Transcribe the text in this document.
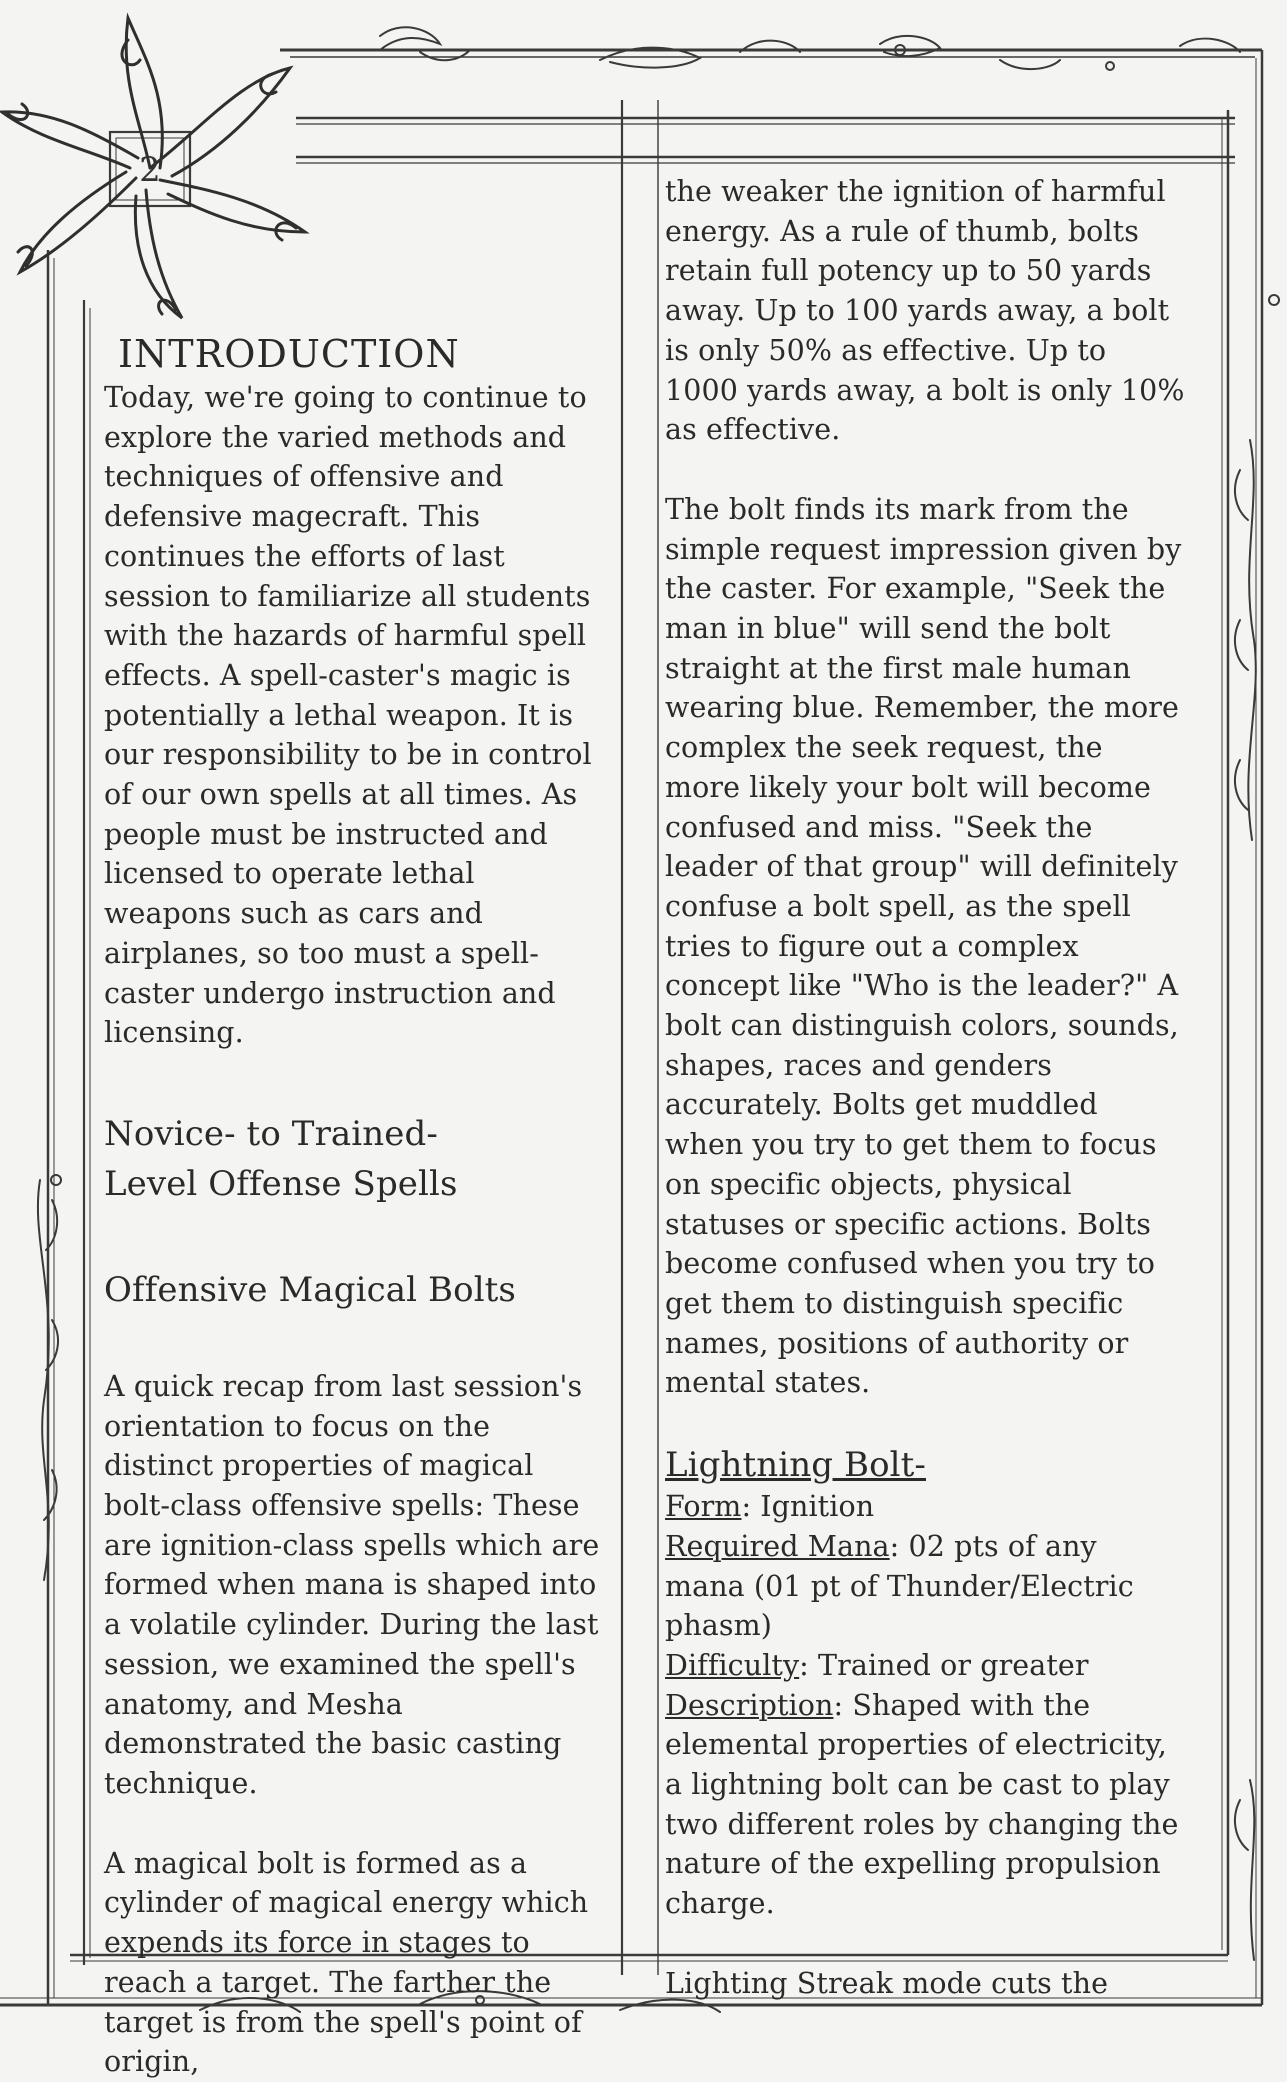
2
INTRODUCTION

Today, we're going to continue to explore the varied methods and techniques of offensive and defensive magecraft. This continues the efforts of last session to familiarize all students with the hazards of harmful spell effects. A spell-caster's magic is potentially a lethal weapon. It is our responsibility to be in control of our own spells at all times. As people must be instructed and licensed to operate lethal weapons such as cars and airplanes, so too must a spell-caster undergo instruction and licensing.

Novice- to Trained-
Level Offense Spells
Offensive Magical Bolts

A quick recap from last session's orientation to focus on the distinct properties of magical bolt-class offensive spells: These are ignition-class spells which are formed when mana is shaped into a volatile cylinder. During the last session, we examined the spell's anatomy, and Mesha demonstrated the basic casting technique.

A magical bolt is formed as a cylinder of magical energy which expends its force in stages to reach a target. The farther the target is from the spell's point of origin,

the weaker the ignition of harmful energy. As a rule of thumb, bolts retain full potency up to 50 yards away. Up to 100 yards away, a bolt is only 50% as effective. Up to 1000 yards away, a bolt is only 10% as effective.

The bolt finds its mark from the simple request impression given by the caster. For example, "Seek the man in blue" will send the bolt straight at the first male human wearing blue. Remember, the more complex the seek request, the more likely your bolt will become confused and miss. "Seek the leader of that group" will definitely confuse a bolt spell, as the spell tries to figure out a complex concept like "Who is the leader?" A bolt can distinguish colors, sounds, shapes, races and genders accurately. Bolts get muddled when you try to get them to focus on specific objects, physical statuses or specific actions. Bolts become confused when you try to get them to distinguish specific names, positions of authority or mental states.

Lightning Bolt-

Form: Ignition

Required Mana: 02 pts of any mana (01 pt of Thunder/Electric phasm)

Difficulty: Trained or greater

Description: Shaped with the elemental properties of electricity, a lightning bolt can be cast to play two different roles by changing the nature of the expelling propulsion charge.

Lighting Streak mode cuts the
